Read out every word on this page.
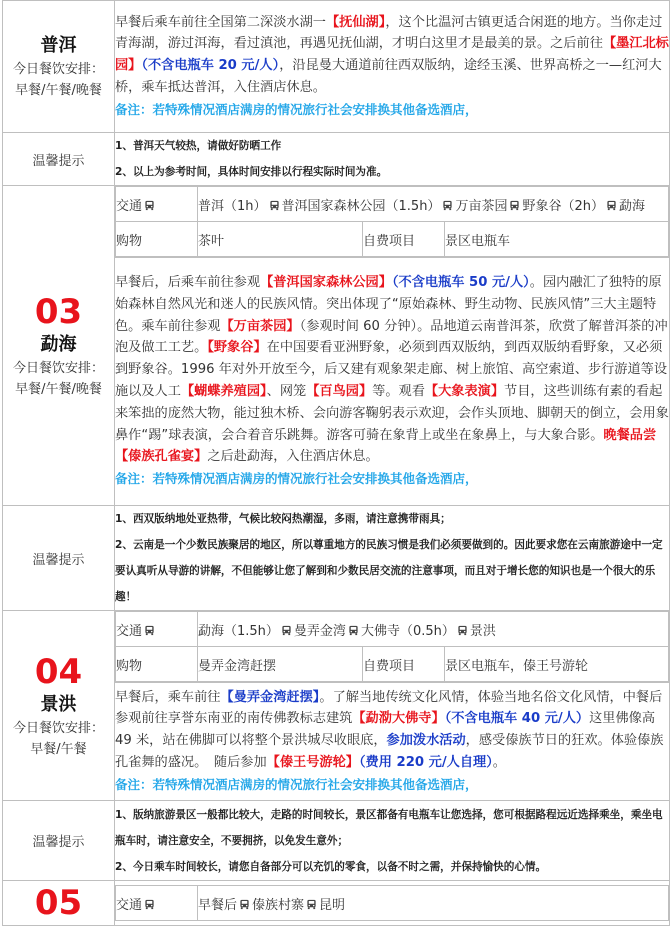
普洱
今日餐饮安排：
早餐/午餐/晚餐
	早餐后乘车前往全国第二深淡水湖一【抚仙湖】，这个比温河古镇更适合闲逛的地方。当你走过青海湖，游过洱海，看过滇池，再遇见抚仙湖，才明白这里才是最美的景。之后前往【墨江北标园】（不含电瓶车 20 元/人），沿昆曼大通道前往西双版纳，途经玉溪、世界高桥之一—红河大桥，乘车抵达普洱，入住酒店休息。
备注：若特殊情况酒店满房的情况旅行社会安排换其他备选酒店，
温馨提示	
1、普洱天气较热，请做好防晒工作
2、以上为参考时间，具体时间安排以行程实际时间为准。

03
勐海
今日餐饮安排：
早餐/午餐/晚餐

交通	普洱（1h） 普洱国家森林公园（1.5h） 万亩茶园 野象谷（2h） 勐海
购物	茶叶	自费项目	景区电瓶车

早餐后，后乘车前往参观【普洱国家森林公园】（不含电瓶车 50 元/人）。园内融汇了独特的原始森林自然风光和迷人的民族风情。突出体现了“原始森林、野生动物、民族风情”三大主题特色。乘车前往参观【万亩茶园】（参观时间 60 分钟）。品地道云南普洱茶，欣赏了解普洱茶的冲泡及做工工艺。【野象谷】在中国要看亚洲野象，必须到西双版纳，到西双版纳看野象，又必须到野象谷。1996 年对外开放至今，后又建有观象架走廊、树上旅馆、高空索道、步行游道等设施以及人工【蝴蝶养殖园】、网笼【百鸟园】等。观看【大象表演】节目，这些训练有素的看起来笨拙的庞然大物，能过独木桥、会向游客鞠躬表示欢迎，会作头顶地、脚朝天的倒立，会用象鼻作“踢”球表演，会合着音乐跳舞。游客可骑在象背上或坐在象鼻上，与大象合影。晚餐品尝【傣族孔雀宴】之后赴勐海，入住酒店休息。
备注：若特殊情况酒店满房的情况旅行社会安排换其他备选酒店，
温馨提示	
1、西双版纳地处亚热带，气候比较闷热潮湿，多雨，请注意携带雨具；
2、云南是一个少数民族聚居的地区，所以尊重地方的民族习惯是我们必须要做到的。因此要求您在云南旅游途中一定要认真听从导游的讲解，不但能够让您了解到和少数民居交流的注意事项，而且对于增长您的知识也是一个很大的乐趣！

04
景洪
今日餐饮安排：
早餐/午餐

交通	勐海（1.5h） 曼弄金湾 大佛寺（0.5h） 景洪
购物	曼弄金湾赶摆	自费项目	景区电瓶车，傣王号游轮

早餐后，乘车前往【曼弄金湾赶摆】。了解当地传统文化风情，体验当地名俗文化风情，中餐后参观前往享誉东南亚的南传佛教标志建筑【勐泐大佛寺】（不含电瓶车 40 元/人）这里佛像高 49 米，站在佛脚可以将整个景洪城尽收眼底，参加泼水活动，感受傣族节日的狂欢。体验傣族孔雀舞的盛况。　随后参加【傣王号游轮】（费用 220 元/人自理）。
备注：若特殊情况酒店满房的情况旅行社会安排换其他备选酒店，
温馨提示	
1、版纳旅游景区一般都比较大，走路的时间较长，景区都备有电瓶车让您选择，您可根据路程远近选择乘坐，乘坐电瓶车时，请注意安全，不要拥挤，以免发生意外；
2、今日乘车时间较长，请您自备部分可以充饥的零食，以备不时之需，并保持愉快的心情。

05
		交通	早餐后 傣族村寨 昆明
